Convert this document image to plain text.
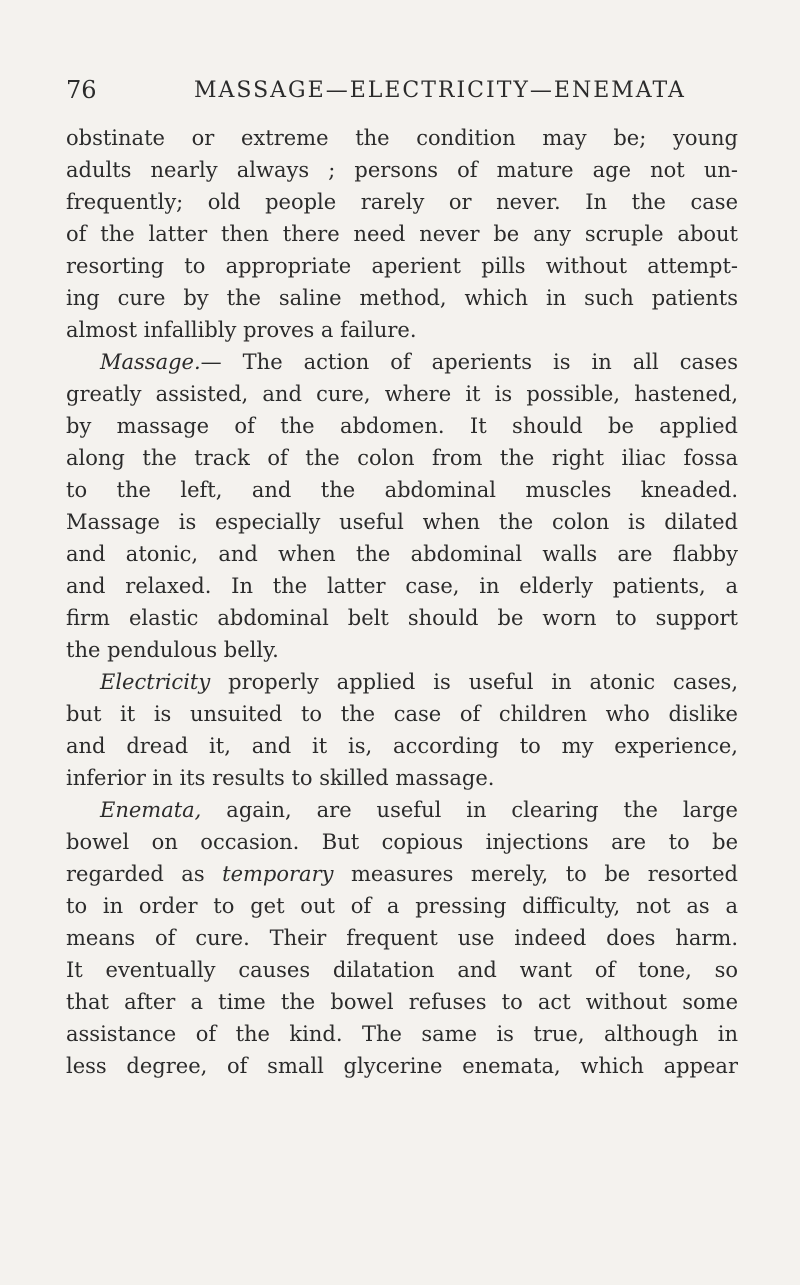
76	MASSAGE—ELECTRICITY—ENEMATA
obstinate or extreme the condition may be; young
adults nearly always ; persons of mature age not un-
frequently; old people rarely or never. In the case
of the latter then there need never be any scruple about
resorting to appropriate aperient pills without attempt-
ing cure by the saline method, which in such patients
almost infallibly proves a failure.
Massage.— The action of aperients is in all cases
greatly assisted, and cure, where it is possible, hastened,
by massage of the abdomen. It should be applied
along the track of the colon from the right iliac fossa
to the left, and the abdominal muscles kneaded.
Massage is especially useful when the colon is dilated
and atonic, and when the abdominal walls are flabby
and relaxed. In the latter case, in elderly patients, a
firm elastic abdominal belt should be worn to support
the pendulous belly.
Electricity properly applied is useful in atonic cases,
but it is unsuited to the case of children who dislike
and dread it, and it is, according to my experience,
inferior in its results to skilled massage.
Enemata, again, are useful in clearing the large
bowel on occasion. But copious injections are to be
regarded as temporary measures merely, to be resorted
to in order to get out of a pressing difficulty, not as a
means of cure. Their frequent use indeed does harm.
It eventually causes dilatation and want of tone, so
that after a time the bowel refuses to act without some
assistance of the kind. The same is true, although in
less degree, of small glycerine enemata, which appear
